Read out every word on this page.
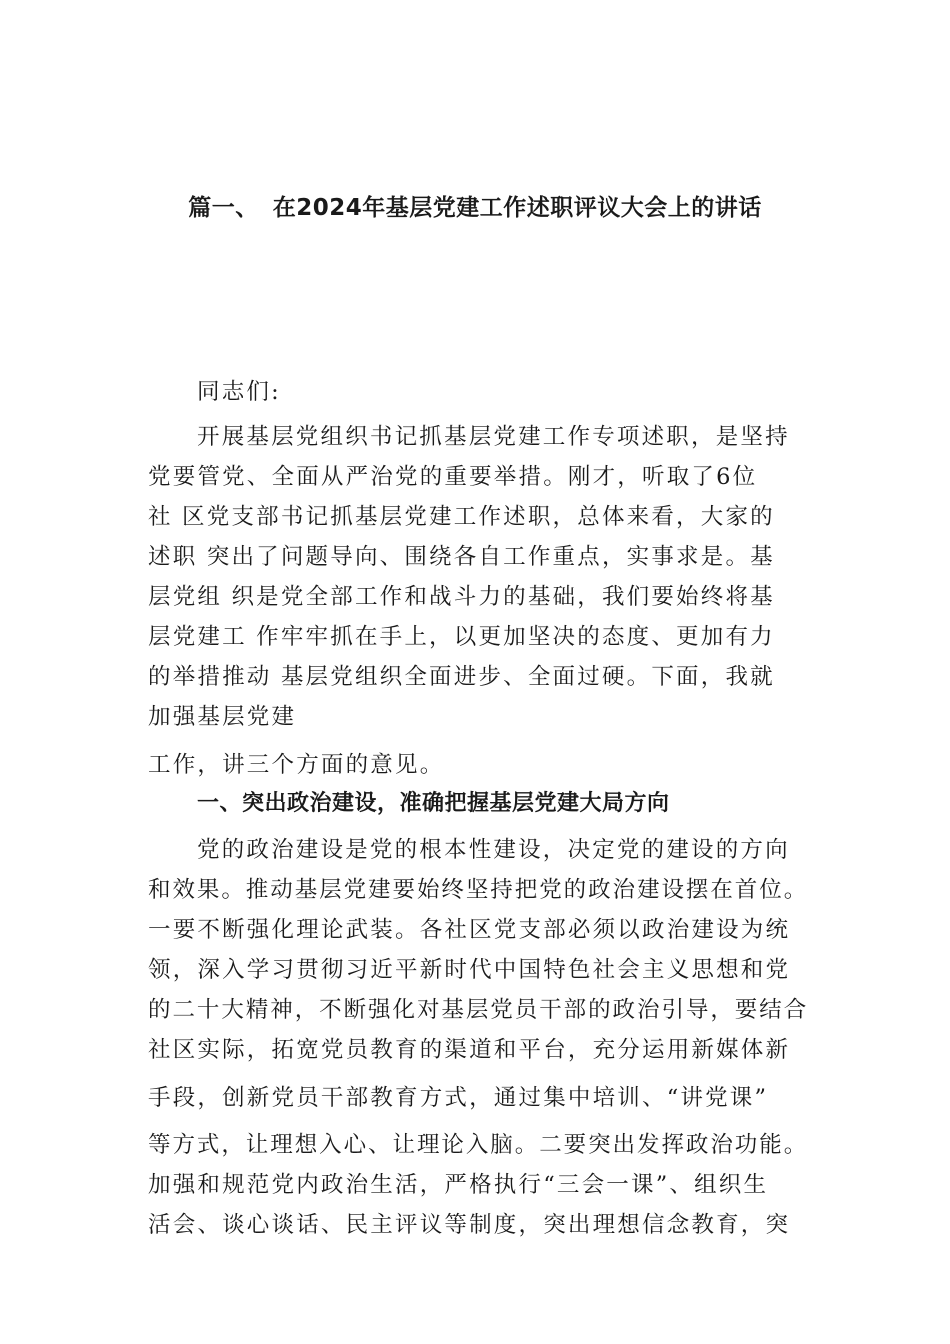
篇一、 在2024年基层党建工作述职评议大会上的讲话
同志们:
开展基层党组织书记抓基层党建工作专项述职，是坚持
党要管党、全面从严治党的重要举措。刚才，听取了6位
社 区党支部书记抓基层党建工作述职，总体来看，大家的
述职 突出了问题导向、围绕各自工作重点，实事求是。基
层党组 织是党全部工作和战斗力的基础，我们要始终将基
层党建工 作牢牢抓在手上，以更加坚决的态度、更加有力
的举措推动 基层党组织全面进步、全面过硬。下面，我就
加强基层党建
工作，讲三个方面的意见。
一、突出政治建设，准确把握基层党建大局方向
党的政治建设是党的根本性建设，决定党的建设的方向
和效果。推动基层党建要始终坚持把党的政治建设摆在首位。
一要不断强化理论武装。各社区党支部必须以政治建设为统
领，深入学习贯彻习近平新时代中国特色社会主义思想和党
的二十大精神，不断强化对基层党员干部的政治引导，要结合
社区实际，拓宽党员教育的渠道和平台，充分运用新媒体新
手段，创新党员干部教育方式，通过集中培训、“讲党课”
等方式，让理想入心、让理论入脑。二要突出发挥政治功能。
加强和规范党内政治生活，严格执行“三会一课”、组织生
活会、谈心谈话、民主评议等制度，突出理想信念教育，突
